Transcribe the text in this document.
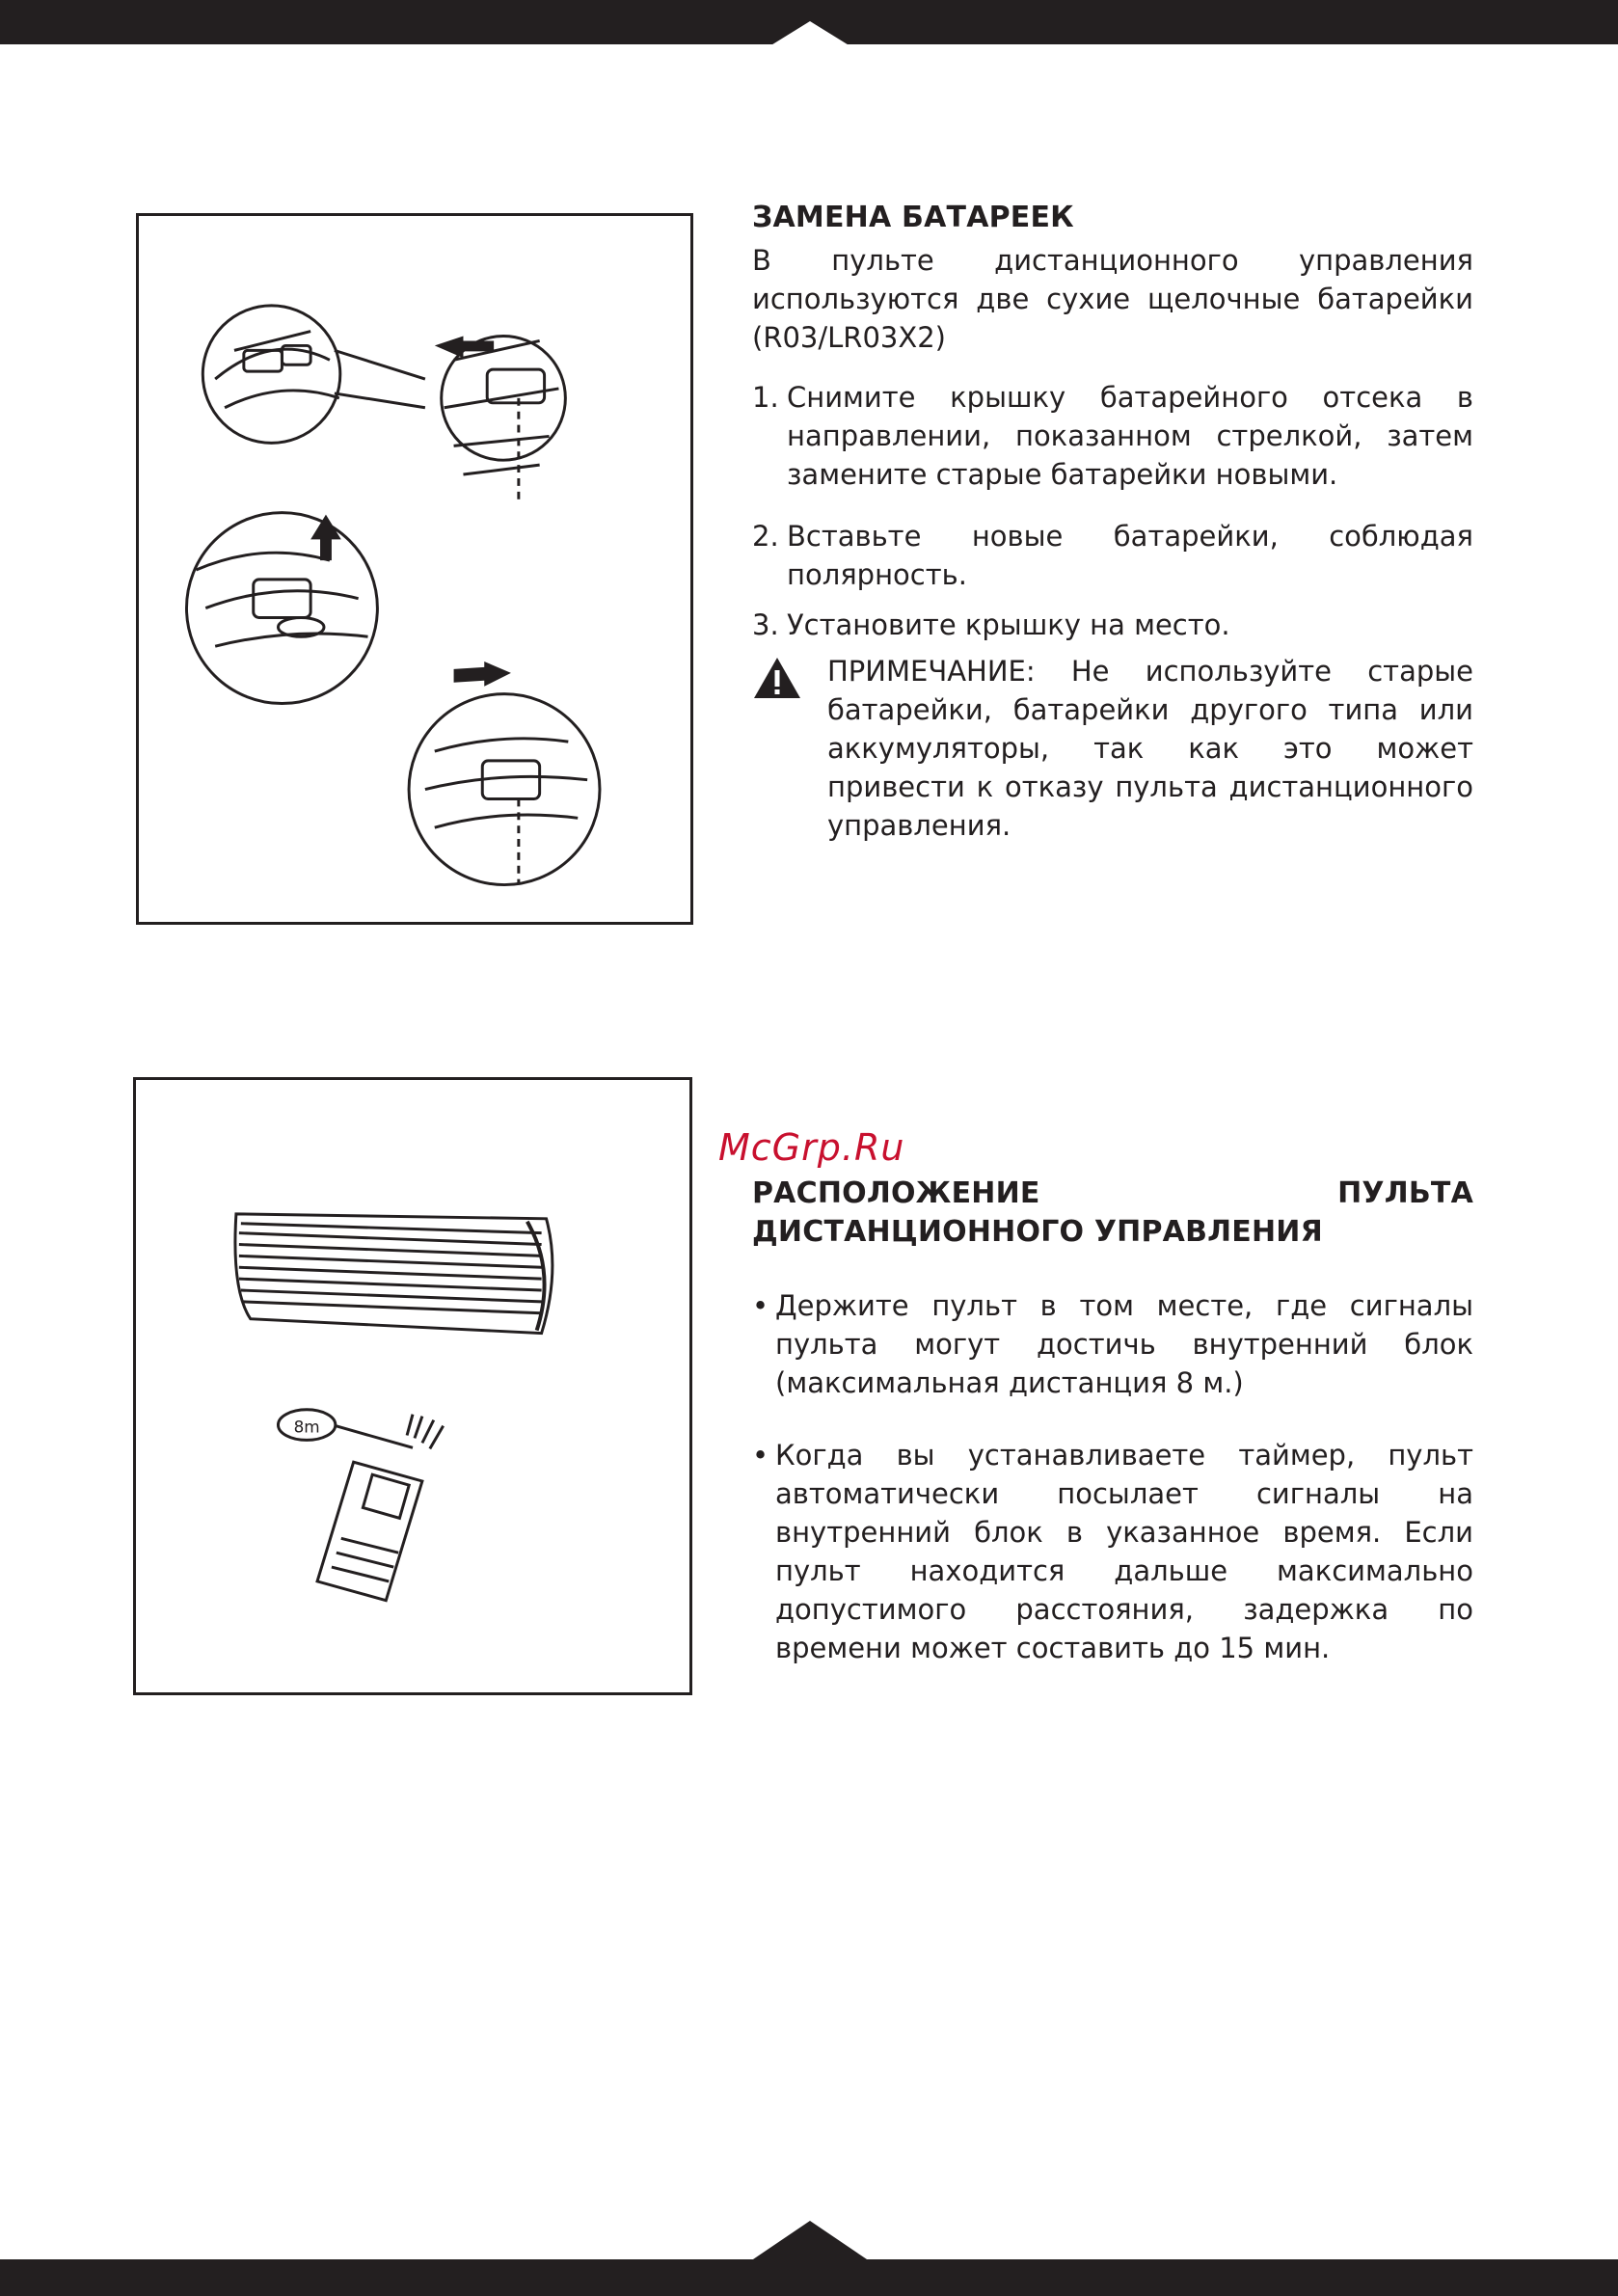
ЗАМЕНА БАТАРЕЕК
В пульте дистанционного управления используются две сухие щелочные батарейки (R03/LR03X2)
1. Снимите крышку батарейного отсека в направлении, показанном стрелкой, затем замените старые батарейки новыми.
2. Вставьте новые батарейки, соблюдая полярность.
3. Установите крышку на место.
ПРИМЕЧАНИЕ: Не используйте старые батарейки, батарейки другого типа или аккумуляторы, так как это может привести к отказу пульта дистанционного управления.
8m
McGrp.Ru
РАСПОЛОЖЕНИЕ ПУЛЬТА ДИСТАНЦИОННОГО УПРАВЛЕНИЯ
• Держите пульт в том месте, где сигналы пульта могут достичь внутренний блок (максимальная дистанция 8 м.)
• Когда вы устанавливаете таймер, пульт автоматически посылает сигналы на внутренний блок в указанное время. Если пульт находится дальше максимально допустимого расстояния, задержка по времени может составить до 15 мин.
